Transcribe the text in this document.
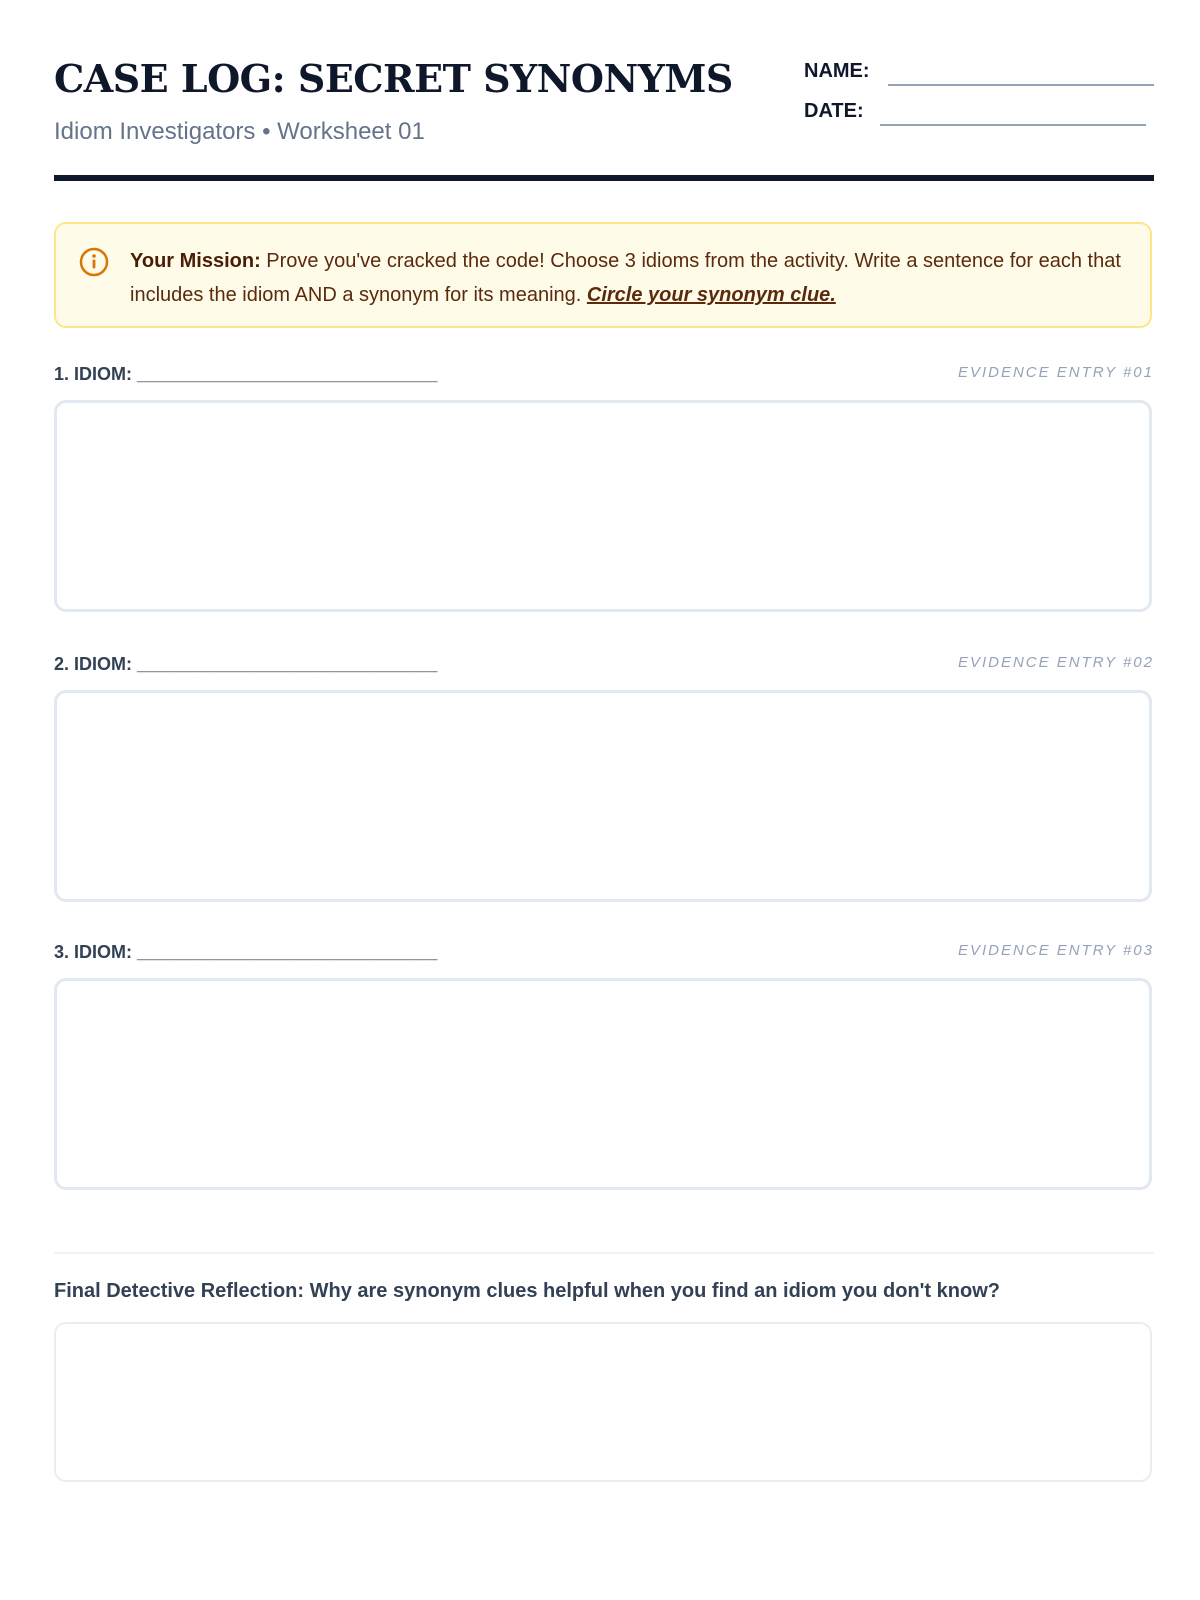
CASE LOG: SECRET SYNONYMS
Idiom Investigators • Worksheet 01
NAME:
DATE:
Your Mission: Prove you've cracked the code! Choose 3 idioms from the activity. Write a sentence for each that includes the idiom AND a synonym for its meaning. Circle your synonym clue.
1. IDIOM: ______________________________	EVIDENCE ENTRY #01
2. IDIOM: ______________________________	EVIDENCE ENTRY #02
3. IDIOM: ______________________________	EVIDENCE ENTRY #03
Final Detective Reflection: Why are synonym clues helpful when you find an idiom you don't know?
